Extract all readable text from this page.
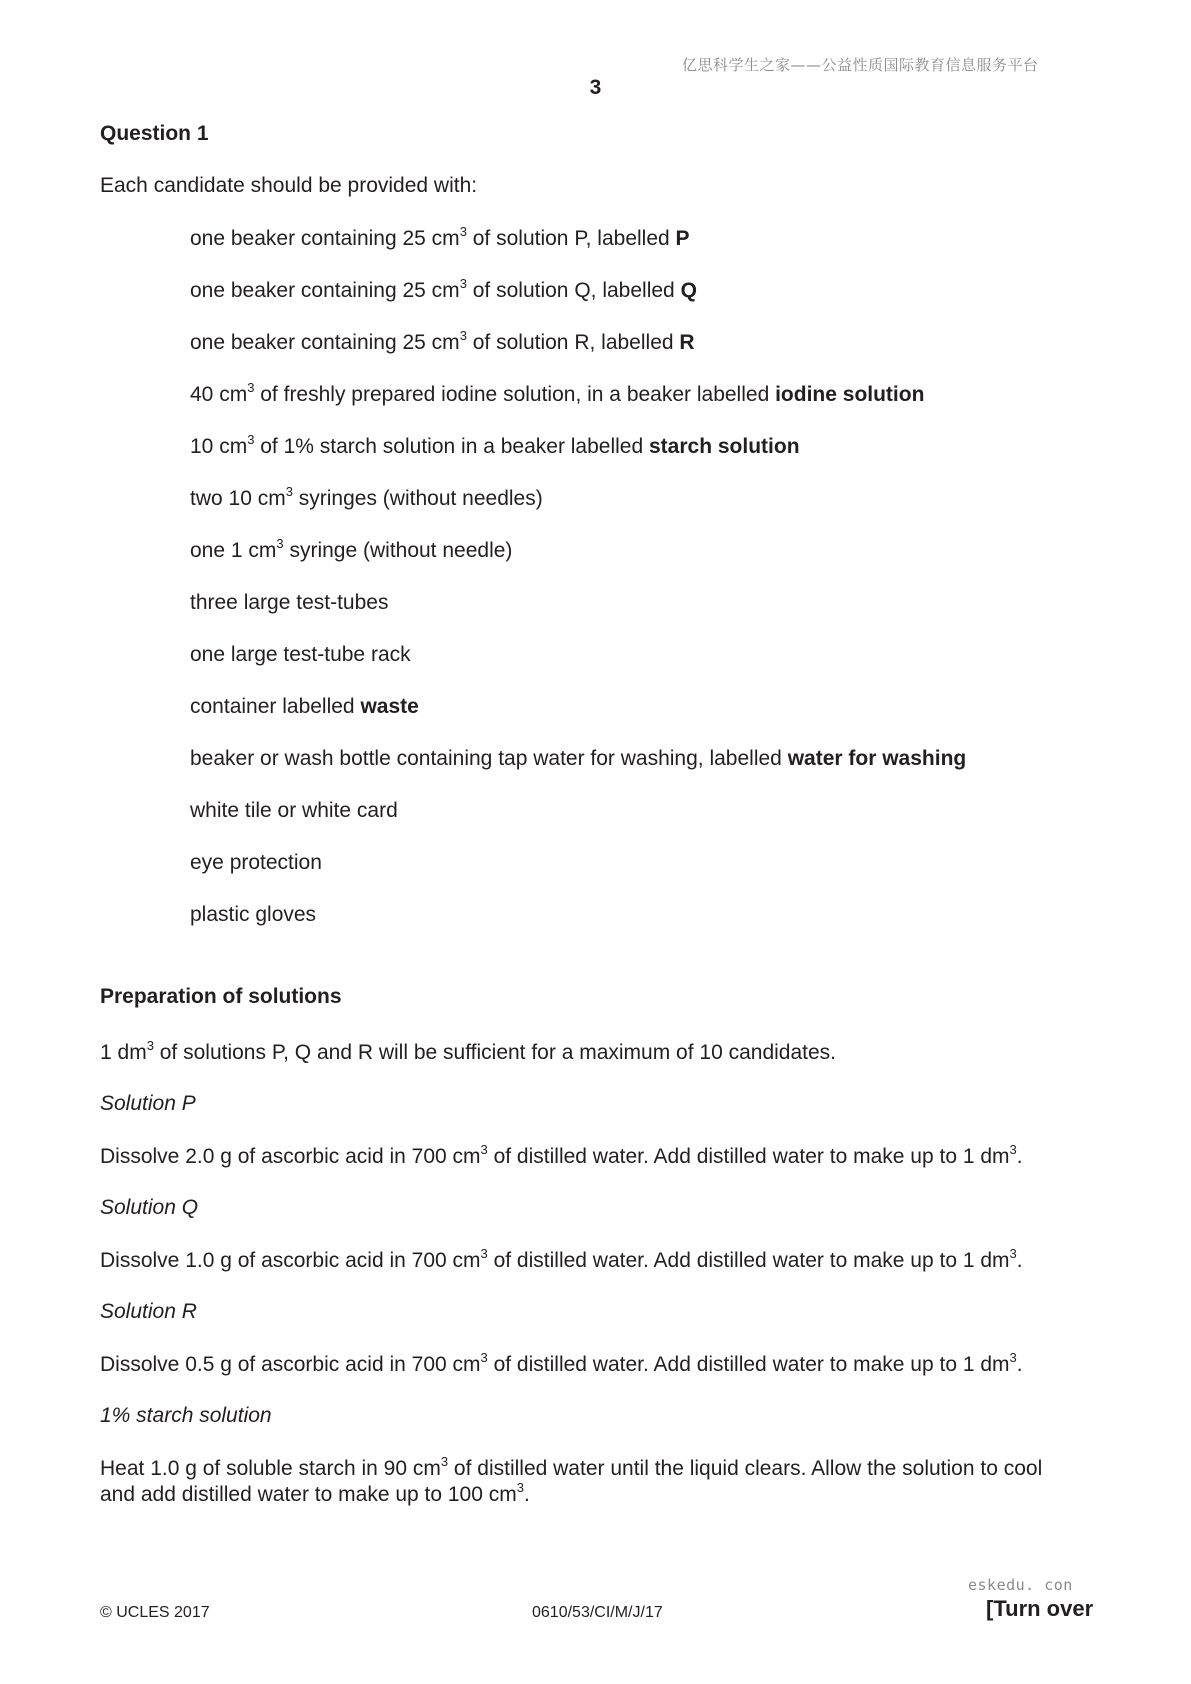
亿思科学生之家——公益性质国际教育信息服务平台
3
Question 1
Each candidate should be provided with:
one beaker containing 25 $cm^3$ of solution P, labelled P
one beaker containing 25 $cm^3$ of solution Q, labelled Q
one beaker containing 25 $cm^3$ of solution R, labelled R
40 $cm^3$ of freshly prepared iodine solution, in a beaker labelled iodine solution
10 $cm^3$ of 1% starch solution in a beaker labelled starch solution
two 10 $cm^3$ syringes (without needles)
one 1 $cm^3$ syringe (without needle)
three large test-tubes
one large test-tube rack
container labelled waste
beaker or wash bottle containing tap water for washing, labelled water for washing
white tile or white card
eye protection
plastic gloves
Preparation of solutions
1 $dm^3$ of solutions P, Q and R will be sufficient for a maximum of 10 candidates.
Solution P
Dissolve 2.0 g of ascorbic acid in 700 $cm^3$ of distilled water. Add distilled water to make up to 1 $dm^3$.
Solution Q
Dissolve 1.0 g of ascorbic acid in 700 $cm^3$ of distilled water. Add distilled water to make up to 1 $dm^3$.
Solution R
Dissolve 0.5 g of ascorbic acid in 700 $cm^3$ of distilled water. Add distilled water to make up to 1 $dm^3$.
1% starch solution
Heat 1.0 g of soluble starch in 90 $cm^3$ of distilled water until the liquid clears. Allow the solution to cool
and add distilled water to make up to 100 $cm^3$.
eskedu. con
© UCLES 2017	0610/53/CI/M/J/17	[Turn over
